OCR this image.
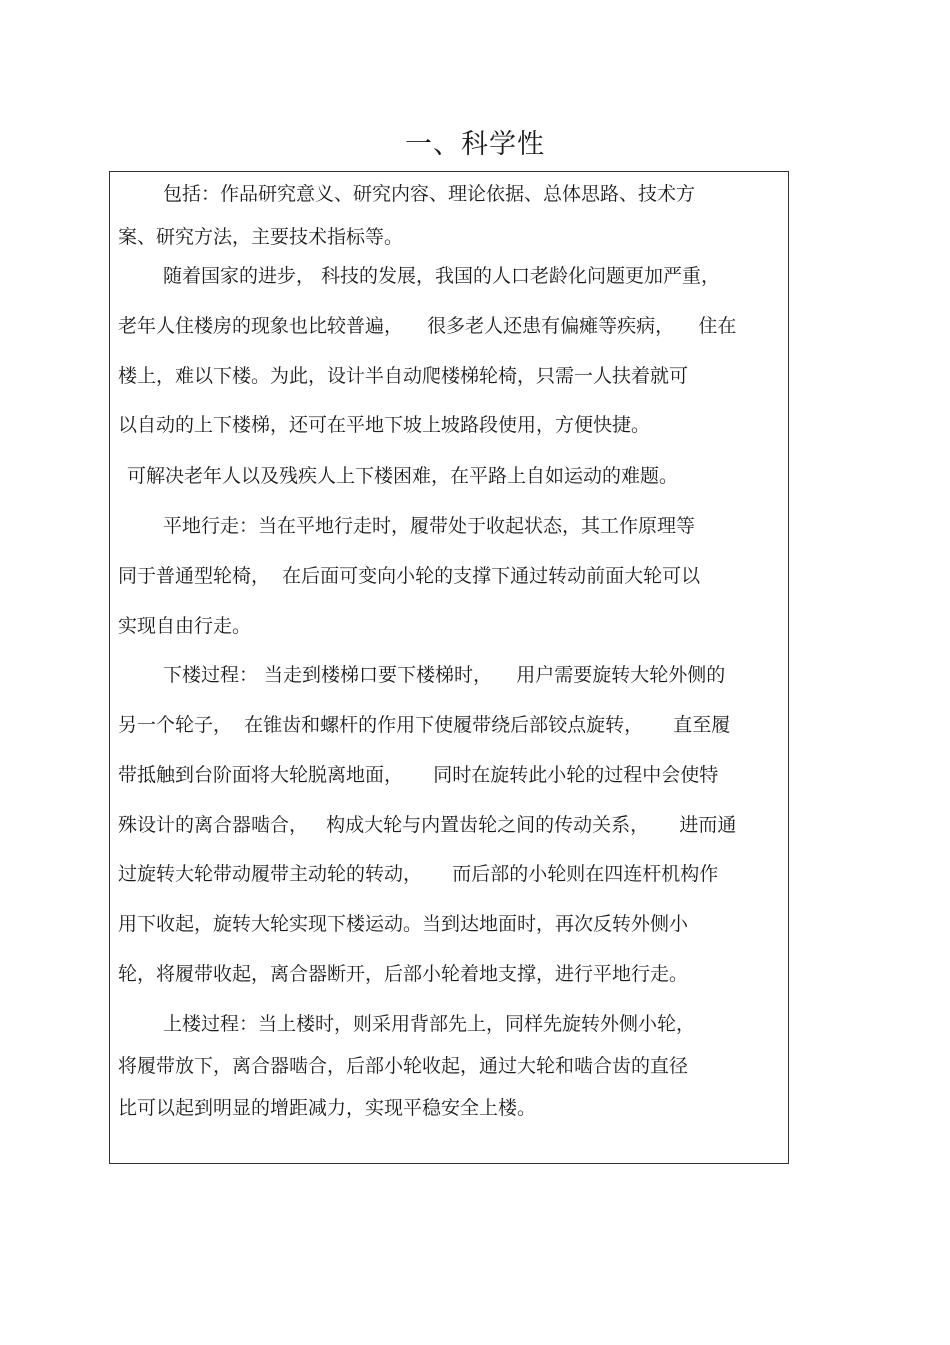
一、科学性
包括：作品研究意义、研究内容、理论依据、总体思路、技术方
案、研究方法，主要技术指标等。
随着国家的进步， 科技的发展，我国的人口老龄化问题更加严重，
老年人住楼房的现象也比较普遍，    很多老人还患有偏瘫等疾病，    住在
楼上，难以下楼。为此，设计半自动爬楼梯轮椅，只需一人扶着就可
以自动的上下楼梯，还可在平地下坡上坡路段使用，方便快捷。
可解决老年人以及残疾人上下楼困难，在平路上自如运动的难题。
平地行走：当在平地行走时，履带处于收起状态，其工作原理等
同于普通型轮椅，  在后面可变向小轮的支撑下通过转动前面大轮可以
实现自由行走。
下楼过程： 当走到楼梯口要下楼梯时，    用户需要旋转大轮外侧的
另一个轮子，  在锥齿和螺杆的作用下使履带绕后部铰点旋转，     直至履
带抵触到台阶面将大轮脱离地面，     同时在旋转此小轮的过程中会使特
殊设计的离合器啮合，   构成大轮与内置齿轮之间的传动关系，     进而通
过旋转大轮带动履带主动轮的转动，     而后部的小轮则在四连杆机构作
用下收起，旋转大轮实现下楼运动。当到达地面时，再次反转外侧小
轮，将履带收起，离合器断开，后部小轮着地支撑，进行平地行走。
上楼过程：当上楼时，则采用背部先上，同样先旋转外侧小轮，
将履带放下，离合器啮合，后部小轮收起，通过大轮和啮合齿的直径
比可以起到明显的增距减力，实现平稳安全上楼。
